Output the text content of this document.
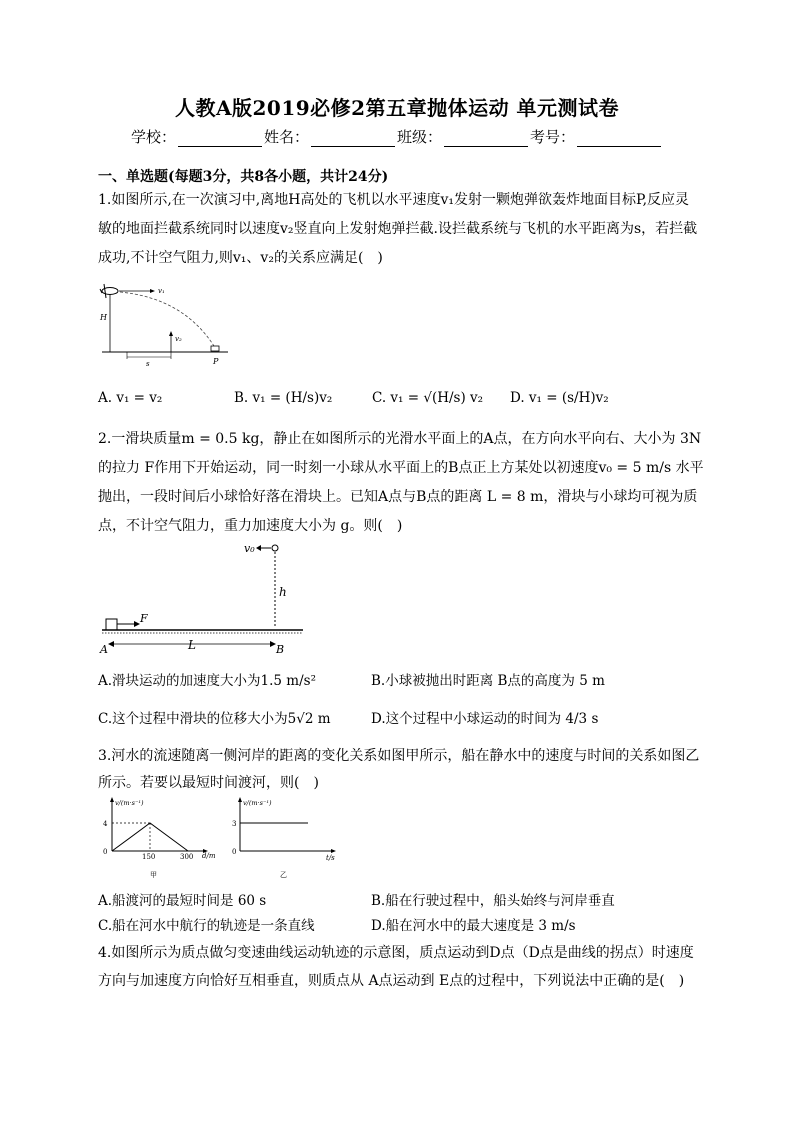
人教A版2019必修2第五章抛体运动 单元测试卷
学校：	姓名：	班级：	考号：
一、单选题(每题3分，共8各小题，共计24分)
1.如图所示,在一次演习中,离地H高处的飞机以水平速度v₁发射一颗炮弹欲轰炸地面目标P,反应灵
敏的地面拦截系统同时以速度v₂竖直向上发射炮弹拦截.设拦截系统与飞机的水平距离为s，若拦截
成功,不计空气阻力,则v₁、v₂的关系应满足(　)
v₁
H
v₂
s	P
A. v₁ = v₂	B. v₁ = (H/s)v₂	C. v₁ = √(H/s) v₂ D. v₁ = (s/H)v₂
2.一滑块质量m = 0.5 kg，静止在如图所示的光滑水平面上的A点，在方向水平向右、大小为 3N
的拉力 F作用下开始运动，同一时刻一小球从水平面上的B点正上方某处以初速度v₀ = 5 m/s 水平
抛出，一段时间后小球恰好落在滑块上。已知A点与B点的距离 L = 8 m，滑块与小球均可视为质
点，不计空气阻力，重力加速度大小为 g。则(　)
v₀
h
F
A	L	B
A.滑块运动的加速度大小为1.5 m/s²	B.小球被抛出时距离 B点的高度为 5 m
C.这个过程中滑块的位移大小为5√2 m	D.这个过程中小球运动的时间为 4/3 s
3.河水的流速随离一侧河岸的距离的变化关系如图甲所示，船在静水中的速度与时间的关系如图乙
所示。若要以最短时间渡河，则(　)
v/(m·s⁻¹)
d/m
4
0
150	300
甲
v/(m·s⁻¹)
t/s
3
0
乙
A.船渡河的最短时间是 60 s	B.船在行驶过程中，船头始终与河岸垂直
C.船在河水中航行的轨迹是一条直线	D.船在河水中的最大速度是 3 m/s
4.如图所示为质点做匀变速曲线运动轨迹的示意图，质点运动到D点（D点是曲线的拐点）时速度
方向与加速度方向恰好互相垂直，则质点从 A点运动到 E点的过程中，下列说法中正确的是(　)
